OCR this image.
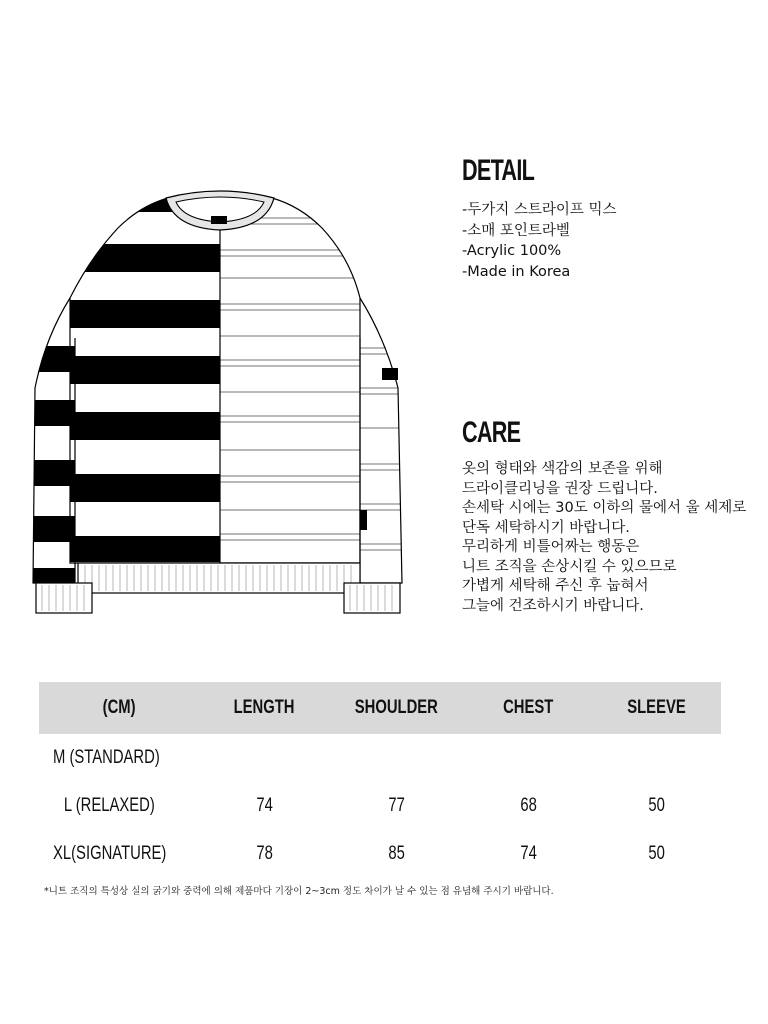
DETAIL
-두가지 스트라이프 믹스
-소매 포인트라벨
-Acrylic 100%
-Made in Korea
CARE
옷의 형태와 색감의 보존을 위해
드라이클리닝을 권장 드립니다.
손세탁 시에는 30도 이하의 물에서 울 세제로
단독 세탁하시기 바랍니다.
무리하게 비틀어짜는 행동은
니트 조직을 손상시킬 수 있으므로
가볍게 세탁해 주신 후 눕혀서
그늘에 건조하시기 바랍니다.
(CM)	LENGTH	SHOULDER	CHEST	SLEEVE
M (STANDARD)				
L (RELAXED)	74	77	68	50
XL(SIGNATURE)	78	85	74	50
*니트 조직의 특성상 실의 굵기와 중력에 의해 제품마다 기장이 2~3cm 정도 차이가 날 수 있는 점 유념해 주시기 바랍니다.
